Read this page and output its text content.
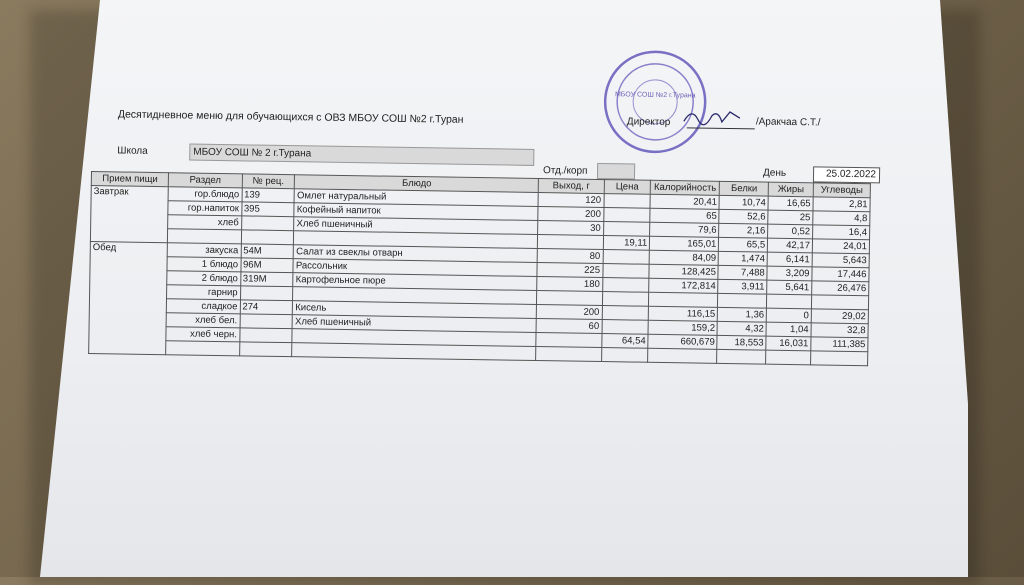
Десятидневное меню для обучающихся с ОВЗ МБОУ СОШ №2 г.Туран
МБОУ СОШ №2 г.Турана
Директор	/Аракчаа С.Т./
Школа	МБОУ СОШ № 2 г.Турана
Отд./корп	День	25.02.2022
Прием пищи	Раздел	№ рец.	Блюдо	Выход, г	Цена	Калорийность	Белки	Жиры	Углеводы
Завтрак	гор.блюдо	139	Омлет натуральный	120		20,41	10,74	16,65	2,81
	гор.напиток	395	Кофейный напиток	200		65	52,6	25	4,8
	хлеб		Хлеб пшеничный	30		79,6	2,16	0,52	16,4
					19,11	165,01	65,5	42,17	24,01
Обед	закуска	54М	Салат из свеклы отварн	80		84,09	1,474	6,141	5,643
	1 блюдо	96М	Рассольник	225		128,425	7,488	3,209	17,446
	2 блюдо	319М	Картофельное пюре	180		172,814	3,911	5,641	26,476
	гарнир								
	сладкое	274	Кисель	200		116,15	1,36	0	29,02
	хлеб бел.		Хлеб пшеничный	60		159,2	4,32	1,04	32,8
	хлеб черн.				64,54	660,679	18,553	16,031	111,385
